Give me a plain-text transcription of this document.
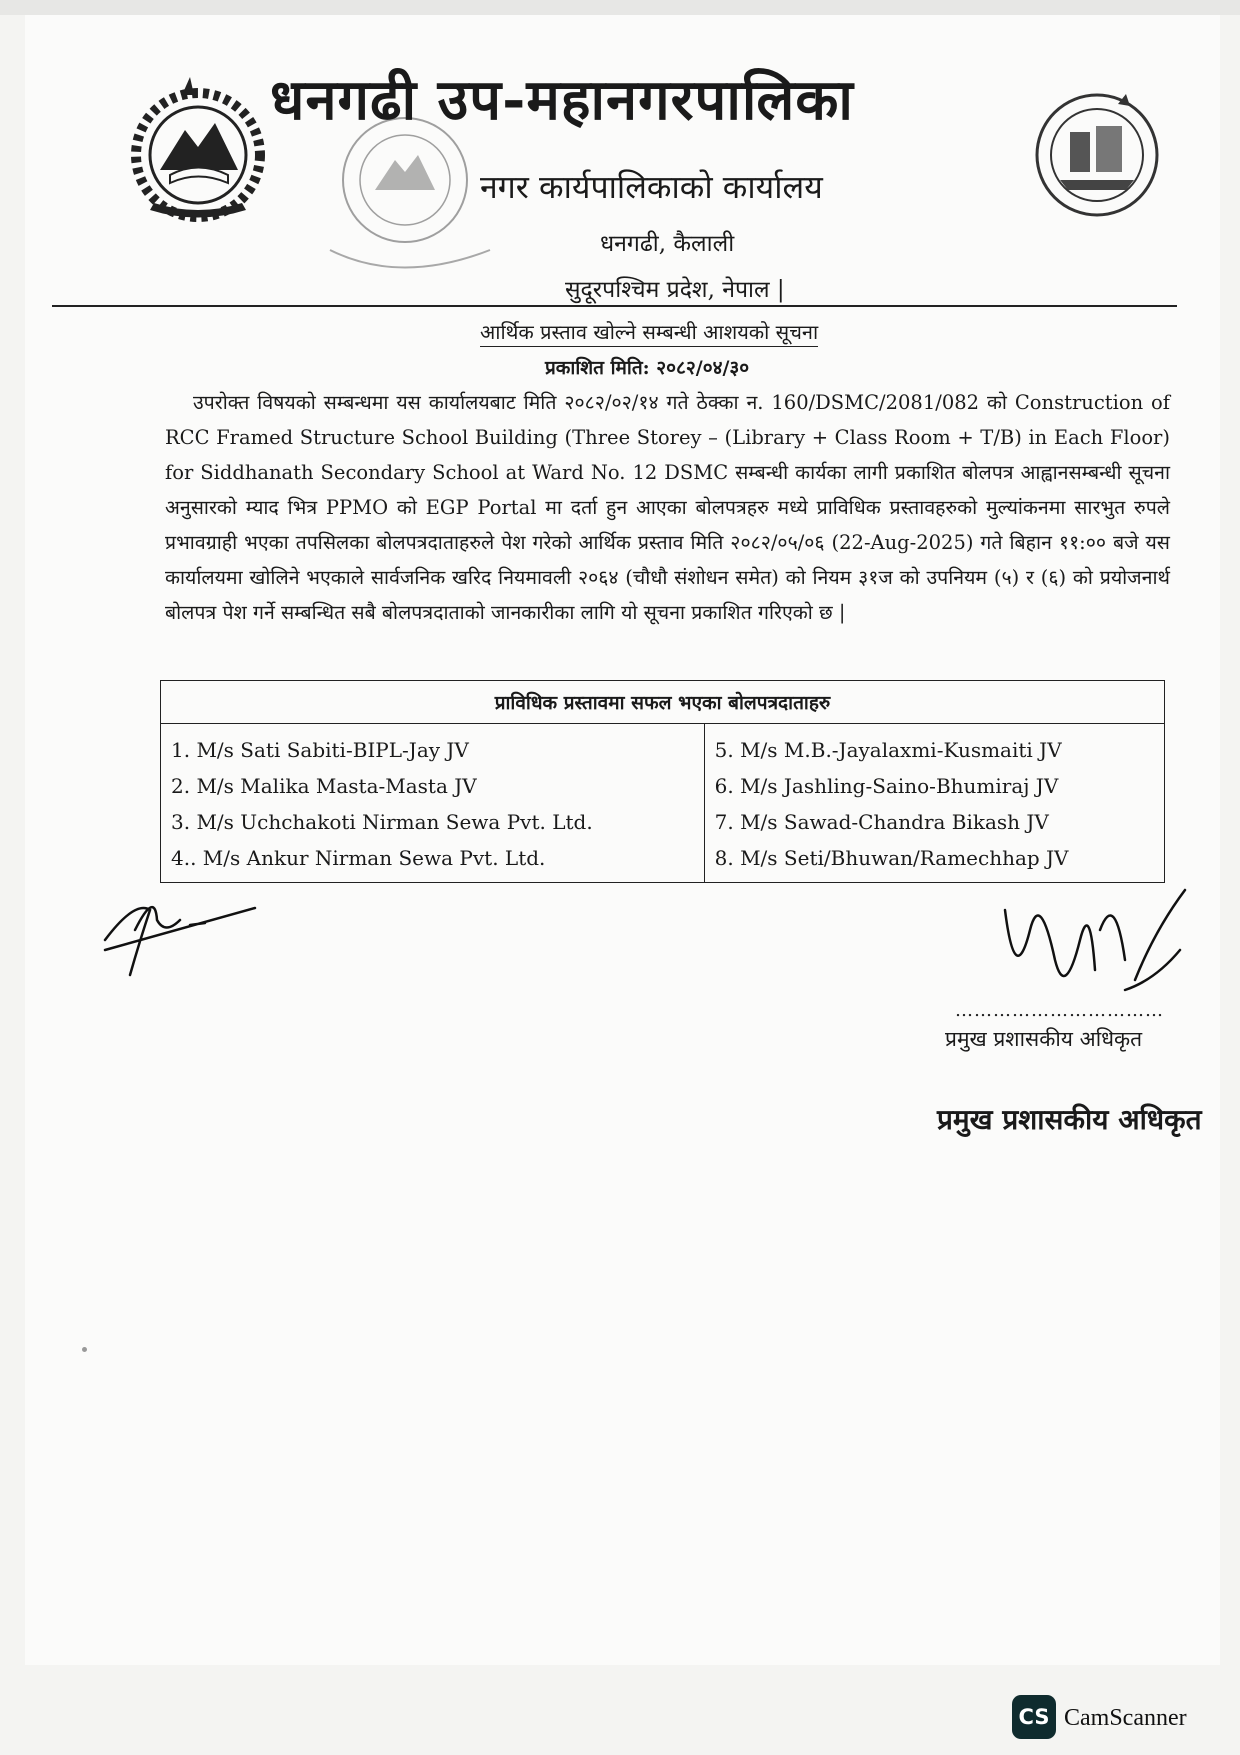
धनगढी उप-महानगरपालिका
नगर कार्यपालिकाको कार्यालय
धनगढी, कैलाली
सुदूरपश्चिम प्रदेश, नेपाल |
आर्थिक प्रस्ताव खोल्ने सम्बन्धी आशयको सूचना
प्रकाशित मिति: २०८२/०४/३०
उपरोक्त विषयको सम्बन्धमा यस कार्यालयबाट मिति २०८२/०२/१४ गते ठेक्का न. 160/DSMC/2081/082 को Construction of RCC Framed Structure School Building (Three Storey – (Library + Class Room + T/B) in Each Floor) for Siddhanath Secondary School at Ward No. 12 DSMC सम्बन्धी कार्यका लागी प्रकाशित बोलपत्र आह्वानसम्बन्धी सूचना अनुसारको म्याद भित्र PPMO को EGP Portal मा दर्ता हुन आएका बोलपत्रहरु मध्ये प्राविधिक प्रस्तावहरुको मुल्यांकनमा सारभुत रुपले प्रभावग्राही भएका तपसिलका बोलपत्रदाताहरुले पेश गरेको आर्थिक प्रस्ताव मिति २०८२/०५/०६ (22-Aug-2025) गते बिहान ११:०० बजे यस कार्यालयमा खोलिने भएकाले सार्वजनिक खरिद नियमावली २०६४ (चौधौ संशोधन समेत) को नियम ३१ज को उपनियम (५) र (६) को प्रयोजनार्थ बोलपत्र पेश गर्ने सम्बन्धित सबै बोलपत्रदाताको जानकारीका लागि यो सूचना प्रकाशित गरिएको छ |
प्राविधिक प्रस्तावमा सफल भएका बोलपत्रदाताहरु	
1. M/s Sati Sabiti-BIPL-Jay JV	5. M/s M.B.-Jayalaxmi-Kusmaiti JV
2. M/s Malika Masta-Masta JV	6. M/s Jashling-Saino-Bhumiraj JV
3. M/s Uchchakoti Nirman Sewa Pvt. Ltd.	7. M/s Sawad-Chandra Bikash JV
4.. M/s Ankur Nirman Sewa Pvt. Ltd.	8. M/s Seti/Bhuwan/Ramechhap JV
……………………………
प्रमुख प्रशासकीय अधिकृत
प्रमुख प्रशासकीय अधिकृत
CS CamScanner
